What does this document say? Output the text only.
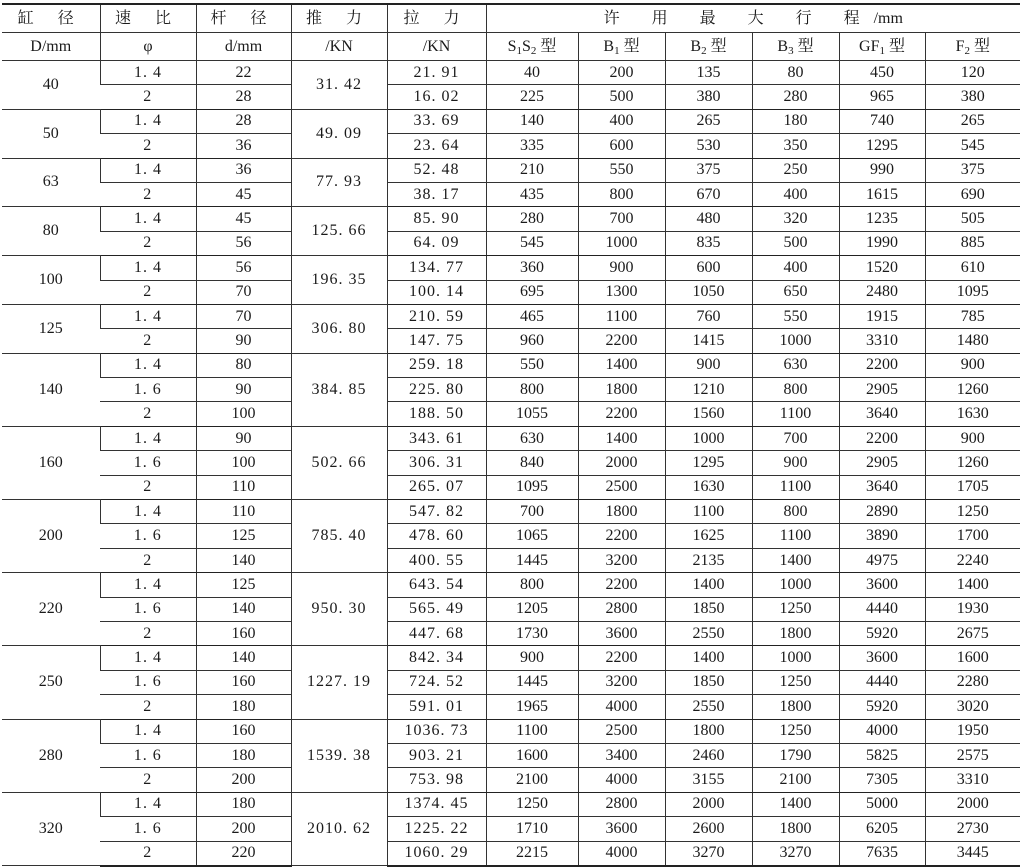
缸 径	速 比	杆 径	推 力	拉 力	许 用 最 大 行 程/mm					
D/mm	φ	d/mm	/KN	/KN	$S_1S_2$ 型	$B_1$ 型	$B_2$ 型	$B_3$ 型	$GF_1$ 型	$F_2$ 型
40	1. 4	22	31. 42	21. 91	40	200	135	80	450	120
	2	28		16. 02	225	500	380	280	965	380
50	1. 4	28	49. 09	33. 69	140	400	265	180	740	265
	2	36		23. 64	335	600	530	350	1295	545
63	1. 4	36	77. 93	52. 48	210	550	375	250	990	375
	2	45		38. 17	435	800	670	400	1615	690
80	1. 4	45	125. 66	85. 90	280	700	480	320	1235	505
	2	56		64. 09	545	1000	835	500	1990	885
100	1. 4	56	196. 35	134. 77	360	900	600	400	1520	610
	2	70		100. 14	695	1300	1050	650	2480	1095
125	1. 4	70	306. 80	210. 59	465	1100	760	550	1915	785
	2	90		147. 75	960	2200	1415	1000	3310	1480
140	1. 4	80	384. 85	259. 18	550	1400	900	630	2200	900
	1. 6	90		225. 80	800	1800	1210	800	2905	1260
	2	100		188. 50	1055	2200	1560	1100	3640	1630
160	1. 4	90	502. 66	343. 61	630	1400	1000	700	2200	900
	1. 6	100		306. 31	840	2000	1295	900	2905	1260
	2	110		265. 07	1095	2500	1630	1100	3640	1705
200	1. 4	110	785. 40	547. 82	700	1800	1100	800	2890	1250
	1. 6	125		478. 60	1065	2200	1625	1100	3890	1700
	2	140		400. 55	1445	3200	2135	1400	4975	2240
220	1. 4	125	950. 30	643. 54	800	2200	1400	1000	3600	1400
	1. 6	140		565. 49	1205	2800	1850	1250	4440	1930
	2	160		447. 68	1730	3600	2550	1800	5920	2675
250	1. 4	140	1227. 19	842. 34	900	2200	1400	1000	3600	1600
	1. 6	160		724. 52	1445	3200	1850	1250	4440	2280
	2	180		591. 01	1965	4000	2550	1800	5920	3020
280	1. 4	160	1539. 38	1036. 73	1100	2500	1800	1250	4000	1950
	1. 6	180		903. 21	1600	3400	2460	1790	5825	2575
	2	200		753. 98	2100	4000	3155	2100	7305	3310
320	1. 4	180	2010. 62	1374. 45	1250	2800	2000	1400	5000	2000
	1. 6	200		1225. 22	1710	3600	2600	1800	6205	2730
	2	220		1060. 29	2215	4000	3270	3270	7635	3445
